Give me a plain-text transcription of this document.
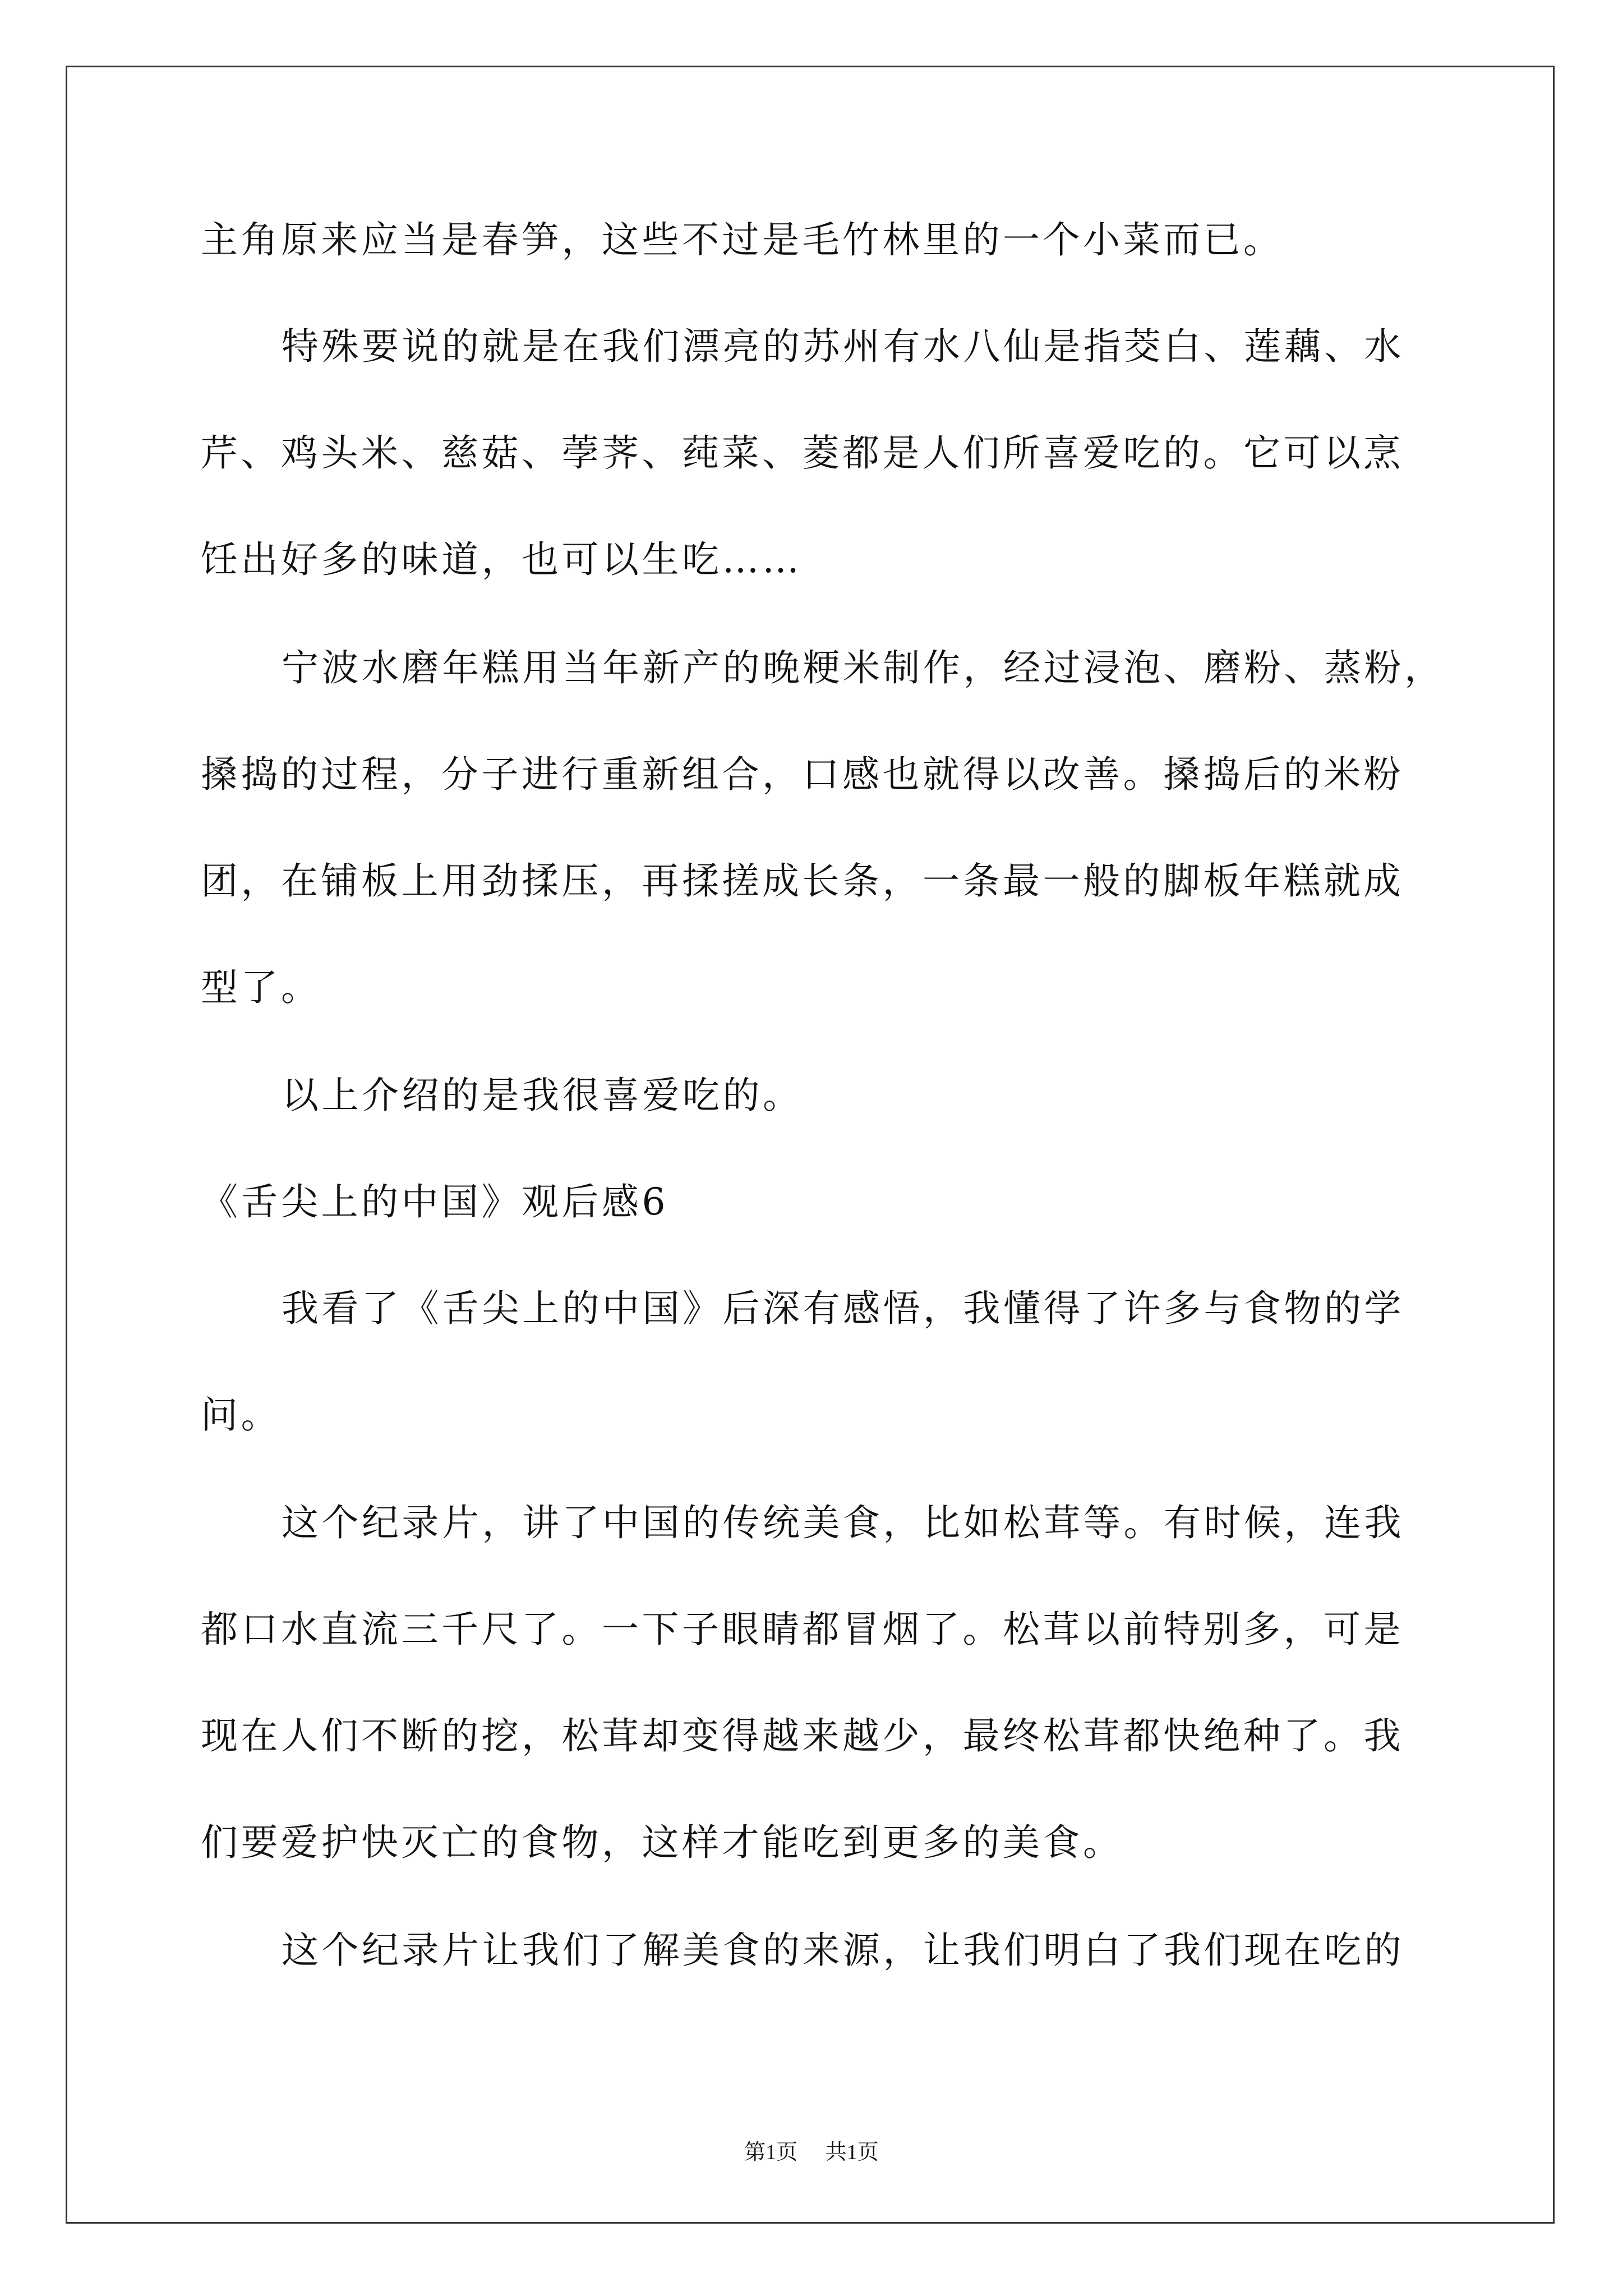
主角原来应当是春笋，这些不过是毛竹林里的一个小菜而已。
特殊要说的就是在我们漂亮的苏州有水八仙是指茭白、莲藕、水
芹、鸡头米、慈菇、荸荠、莼菜、菱都是人们所喜爱吃的。它可以烹
饪出好多的味道，也可以生吃……
宁波水磨年糕用当年新产的晚粳米制作，经过浸泡、磨粉、蒸粉，
搡捣的过程，分子进行重新组合，口感也就得以改善。搡捣后的米粉
团，在铺板上用劲揉压，再揉搓成长条，一条最一般的脚板年糕就成
型了。
以上介绍的是我很喜爱吃的。
《舌尖上的中国》观后感6
我看了《舌尖上的中国》后深有感悟，我懂得了许多与食物的学
问。
这个纪录片，讲了中国的传统美食，比如松茸等。有时候，连我
都口水直流三千尺了。一下子眼睛都冒烟了。松茸以前特别多，可是
现在人们不断的挖，松茸却变得越来越少，最终松茸都快绝种了。我
们要爱护快灭亡的食物，这样才能吃到更多的美食。
这个纪录片让我们了解美食的来源，让我们明白了我们现在吃的
第1页 共1页
